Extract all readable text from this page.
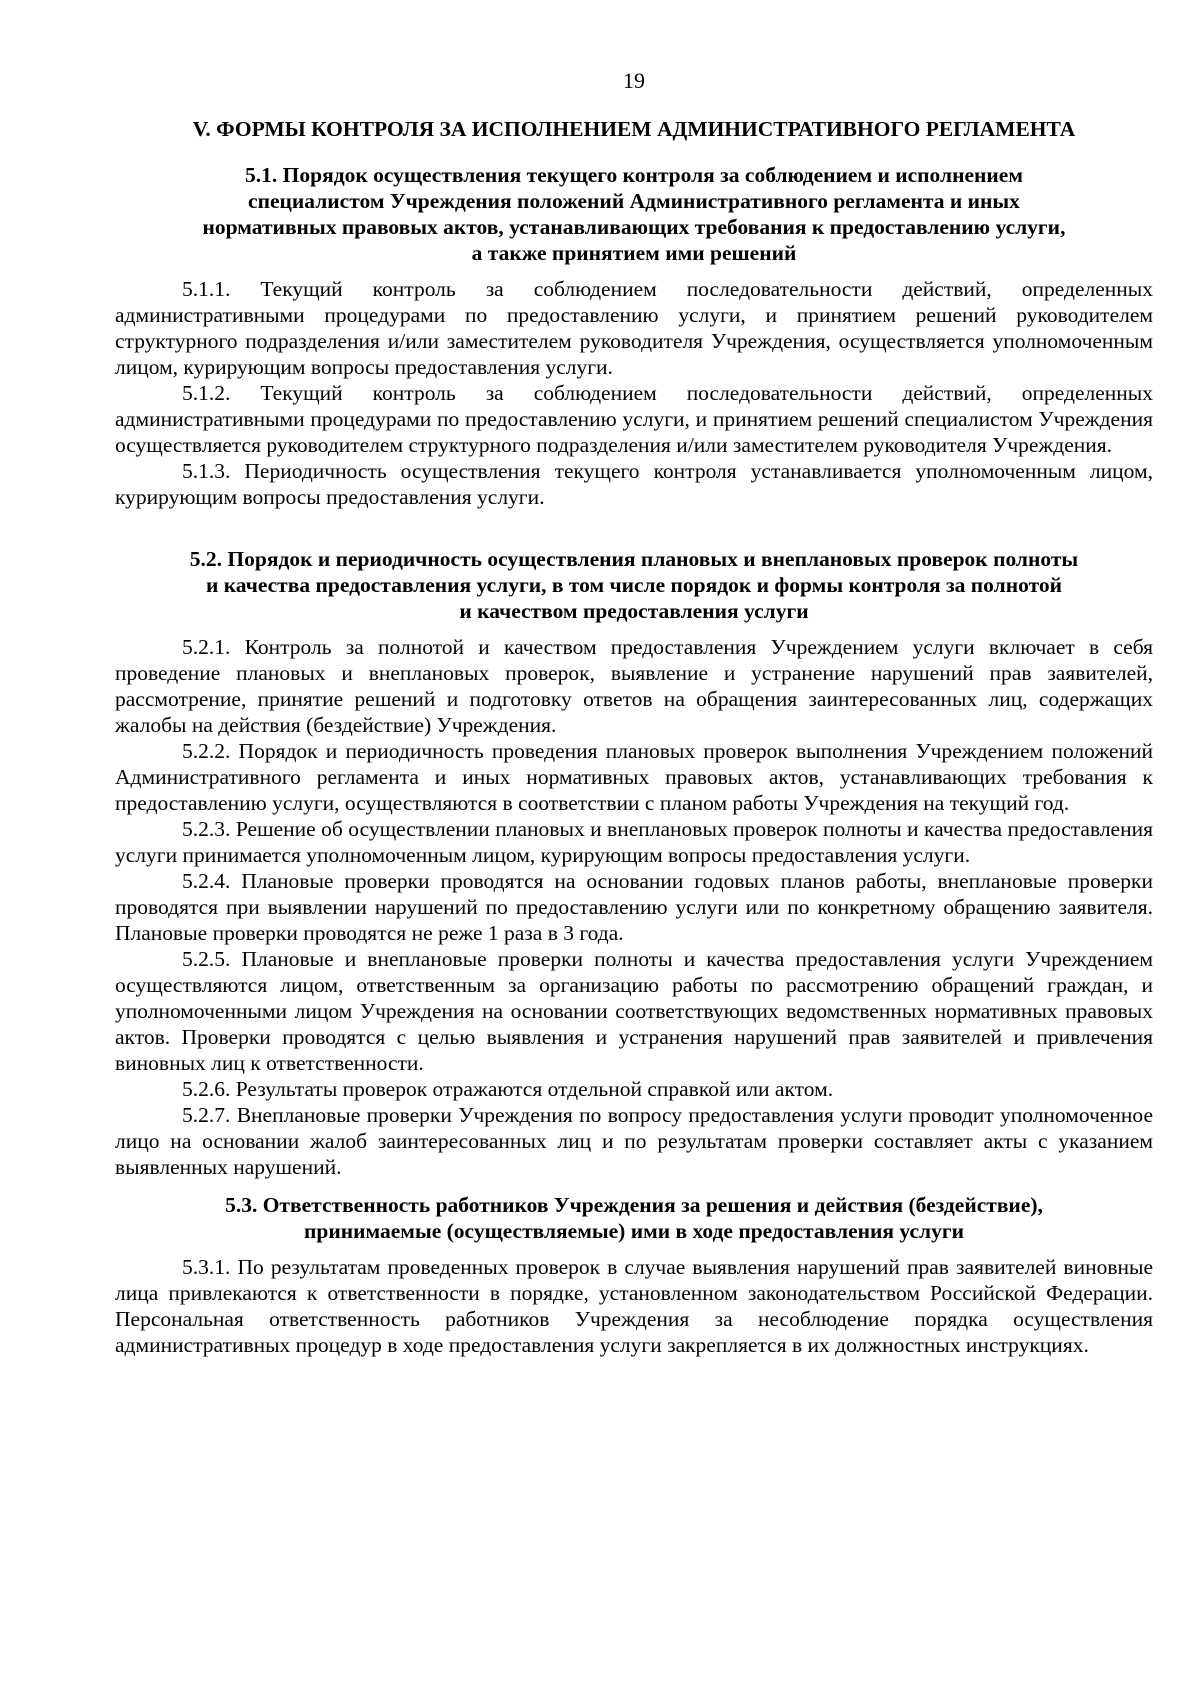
19
V. ФОРМЫ КОНТРОЛЯ ЗА ИСПОЛНЕНИЕМ АДМИНИСТРАТИВНОГО РЕГЛАМЕНТА
5.1. Порядок осуществления текущего контроля за соблюдением и исполнением
специалистом Учреждения положений Административного регламента и иных
нормативных правовых актов, устанавливающих требования к предоставлению услуги,
а также принятием ими решений

5.1.1. Текущий контроль за соблюдением последовательности действий, определенных административными процедурами по предоставлению услуги, и принятием решений руководителем структурного подразделения и/или заместителем руководителя Учреждения, осуществляется уполномоченным лицом, курирующим вопросы предоставления услуги.

5.1.2. Текущий контроль за соблюдением последовательности действий, определенных административными процедурами по предоставлению услуги, и принятием решений специалистом Учреждения осуществляется руководителем структурного подразделения и/или заместителем руководителя Учреждения.

5.1.3. Периодичность осуществления текущего контроля устанавливается уполномоченным лицом, курирующим вопросы предоставления услуги.

5.2. Порядок и периодичность осуществления плановых и внеплановых проверок полноты
и качества предоставления услуги, в том числе порядок и формы контроля за полнотой
и качеством предоставления услуги

5.2.1. Контроль за полнотой и качеством предоставления Учреждением услуги включает в себя проведение плановых и внеплановых проверок, выявление и устранение нарушений прав заявителей, рассмотрение, принятие решений и подготовку ответов на обращения заинтересованных лиц, содержащих жалобы на действия (бездействие) Учреждения.

5.2.2. Порядок и периодичность проведения плановых проверок выполнения Учреждением положений Административного регламента и иных нормативных правовых актов, устанавливающих требования к предоставлению услуги, осуществляются в соответствии с планом работы Учреждения на текущий год.

5.2.3. Решение об осуществлении плановых и внеплановых проверок полноты и качества предоставления услуги принимается уполномоченным лицом, курирующим вопросы предоставления услуги.

5.2.4. Плановые проверки проводятся на основании годовых планов работы, внеплановые проверки проводятся при выявлении нарушений по предоставлению услуги или по конкретному обращению заявителя. Плановые проверки проводятся не реже 1 раза в 3 года.

5.2.5. Плановые и внеплановые проверки полноты и качества предоставления услуги Учреждением осуществляются лицом, ответственным за организацию работы по рассмотрению обращений граждан, и уполномоченными лицом Учреждения на основании соответствующих ведомственных нормативных правовых актов. Проверки проводятся с целью выявления и устранения нарушений прав заявителей и привлечения виновных лиц к ответственности.

5.2.6. Результаты проверок отражаются отдельной справкой или актом.

5.2.7. Внеплановые проверки Учреждения по вопросу предоставления услуги проводит уполномоченное лицо на основании жалоб заинтересованных лиц и по результатам проверки составляет акты с указанием выявленных нарушений.

5.3. Ответственность работников Учреждения за решения и действия (бездействие),
принимаемые (осуществляемые) ими в ходе предоставления услуги

5.3.1. По результатам проведенных проверок в случае выявления нарушений прав заявителей виновные лица привлекаются к ответственности в порядке, установленном законодательством Российской Федерации. Персональная ответственность работников Учреждения за несоблюдение порядка осуществления административных процедур в ходе предоставления услуги закрепляется в их должностных инструкциях.
